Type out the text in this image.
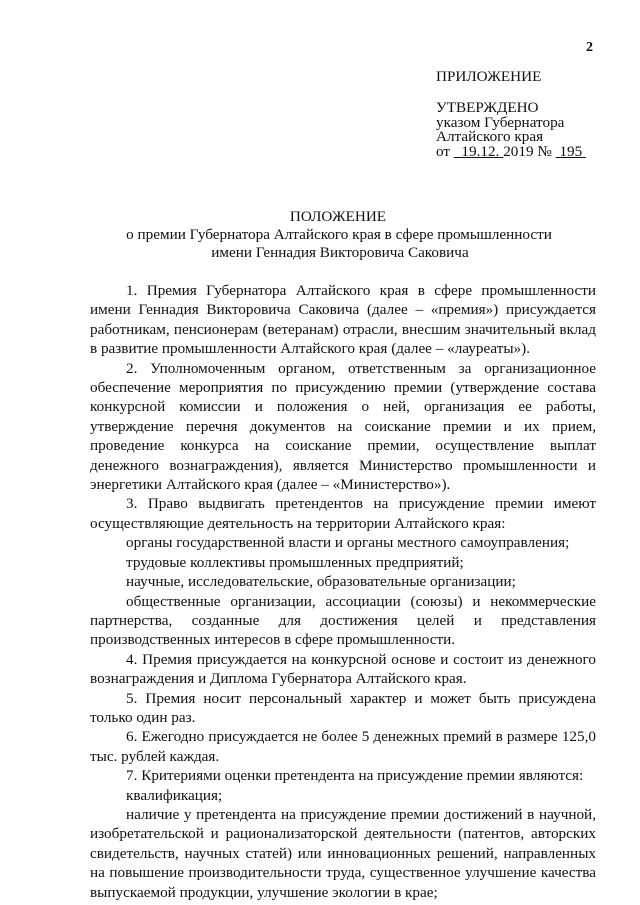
2
ПРИЛОЖЕНИЕ
УТВЕРЖДЕНО
указом Губернатора
Алтайского края
от 19.12. 2019 № 195
ПОЛОЖЕНИЕ
о премии Губернатора Алтайского края в сфере промышленности
имени Геннадия Викторовича Саковича

1. Премия Губернатора Алтайского края в сфере промышленности имени Геннадия Викторовича Саковича (далее – «премия») присуждается работникам, пенсионерам (ветеранам) отрасли, внесшим значительный вклад в развитие промышленности Алтайского края (далее – «лауреаты»).

2. Уполномоченным органом, ответственным за организационное обеспечение мероприятия по присуждению премии (утверждение состава конкурсной комиссии и положения о ней, организация ее работы, утверждение перечня документов на соискание премии и их прием, проведение конкурса на соискание премии, осуществление выплат денежного вознаграждения), является Министерство промышленности и энергетики Алтайского края (далее – «Министерство»).

3. Право выдвигать претендентов на присуждение премии имеют осуществляющие деятельность на территории Алтайского края:

органы государственной власти и органы местного самоуправления;

трудовые коллективы промышленных предприятий;

научные, исследовательские, образовательные организации;

общественные организации, ассоциации (союзы) и некоммерческие партнерства, созданные для достижения целей и представления производственных интересов в сфере промышленности.

4. Премия присуждается на конкурсной основе и состоит из денежного вознаграждения и Диплома Губернатора Алтайского края.

5. Премия носит персональный характер и может быть присуждена только один раз.

6. Ежегодно присуждается не более 5 денежных премий в размере 125,0 тыс. рублей каждая.

7. Критериями оценки претендента на присуждение премии являются:

квалификация;

наличие у претендента на присуждение премии достижений в научной, изобретательской и рационализаторской деятельности (патентов, авторских свидетельств, научных статей) или инновационных решений, направленных на повышение производительности труда, существенное улучшение качества выпускаемой продукции, улучшение экологии в крае;
